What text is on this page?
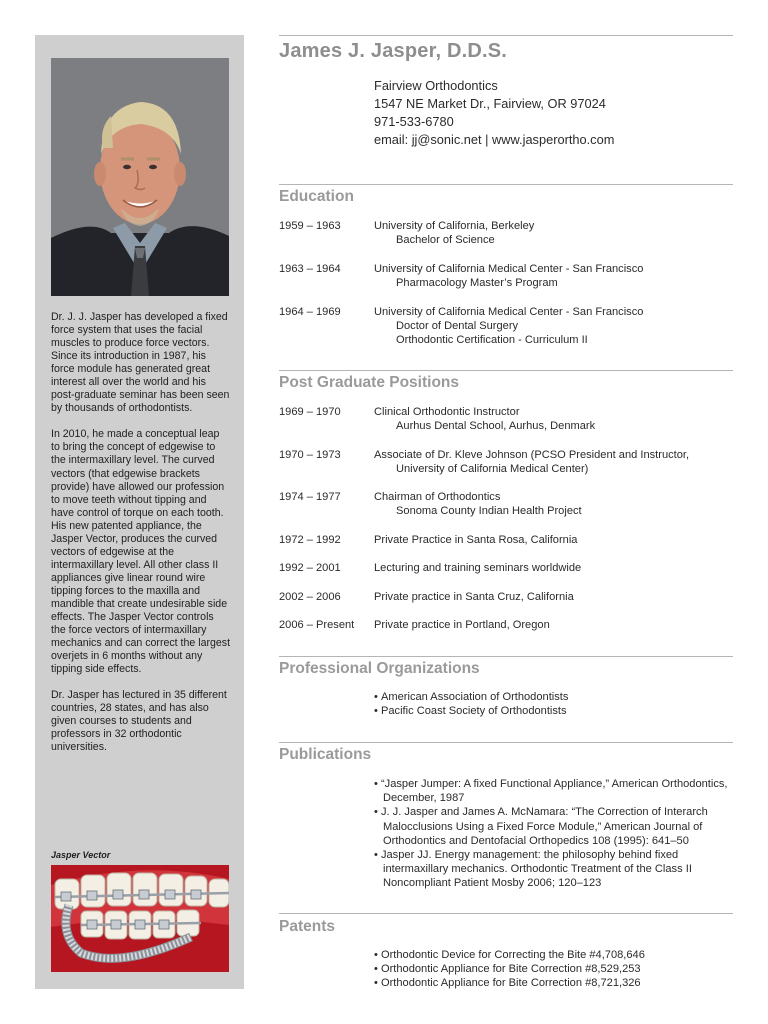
Dr. J. J. Jasper has developed a fixed force system that uses the facial muscles to produce force vectors. Since its introduction in 1987, his force module has generated great interest all over the world and his post-graduate seminar has been seen by thousands of orthodontists.

In 2010, he made a conceptual leap to bring the concept of edgewise to the intermaxillary level. The curved vectors (that edgewise brackets provide) have allowed our profession to move teeth without tipping and have control of torque on each tooth. His new patented appliance, the Jasper Vector, produces the curved vectors of edgewise at the intermaxillary level. All other class II appliances give linear round wire tipping forces to the maxilla and mandible that create undesirable side effects. The Jasper Vector controls the force vectors of intermaxillary mechanics and can correct the largest overjets in 6 months without any tipping side effects.

Dr. Jasper has lectured in 35 different countries, 28 states, and has also given courses to students and professors in 32 orthodontic universities.

Jasper Vector
James J. Jasper, D.D.S.
Fairview Orthodontics
1547 NE Market Dr., Fairview, OR 97024
971-533-6780
email: jj@sonic.net | www.jasperortho.com
Education
1959 – 1963	University of California, Berkeley
Bachelor of Science
1963 – 1964	University of California Medical Center - San Francisco
Pharmacology Master’s Program
1964 – 1969	University of California Medical Center - San Francisco
Doctor of Dental Surgery
Orthodontic Certification - Curriculum II
Post Graduate Positions
1969 – 1970	Clinical Orthodontic Instructor
Aurhus Dental School, Aurhus, Denmark
1970 – 1973	Associate of Dr. Kleve Johnson (PCSO President and Instructor,
University of California Medical Center)
1974 – 1977	Chairman of Orthodontics
Sonoma County Indian Health Project
1972 – 1992	Private Practice in Santa Rosa, California
1992 – 2001	Lecturing and training seminars worldwide
2002 – 2006	Private practice in Santa Cruz, California
2006 – Present	Private practice in Portland, Oregon
Professional Organizations
• American Association of Orthodontists
• Pacific Coast Society of Orthodontists
Publications
• “Jasper Jumper: A fixed Functional Appliance,” American Orthodontics, December, 1987
• J. J. Jasper and James A. McNamara: “The Correction of Interarch Malocclusions Using a Fixed Force Module,” American Journal of Orthodontics and Dentofacial Orthopedics 108 (1995): 641–50
• Jasper JJ. Energy management: the philosophy behind fixed intermaxillary mechanics. Orthodontic Treatment of the Class II Noncompliant Patient Mosby 2006; 120–123
Patents
• Orthodontic Device for Correcting the Bite #4,708,646
• Orthodontic Appliance for Bite Correction #8,529,253
• Orthodontic Appliance for Bite Correction #8,721,326
